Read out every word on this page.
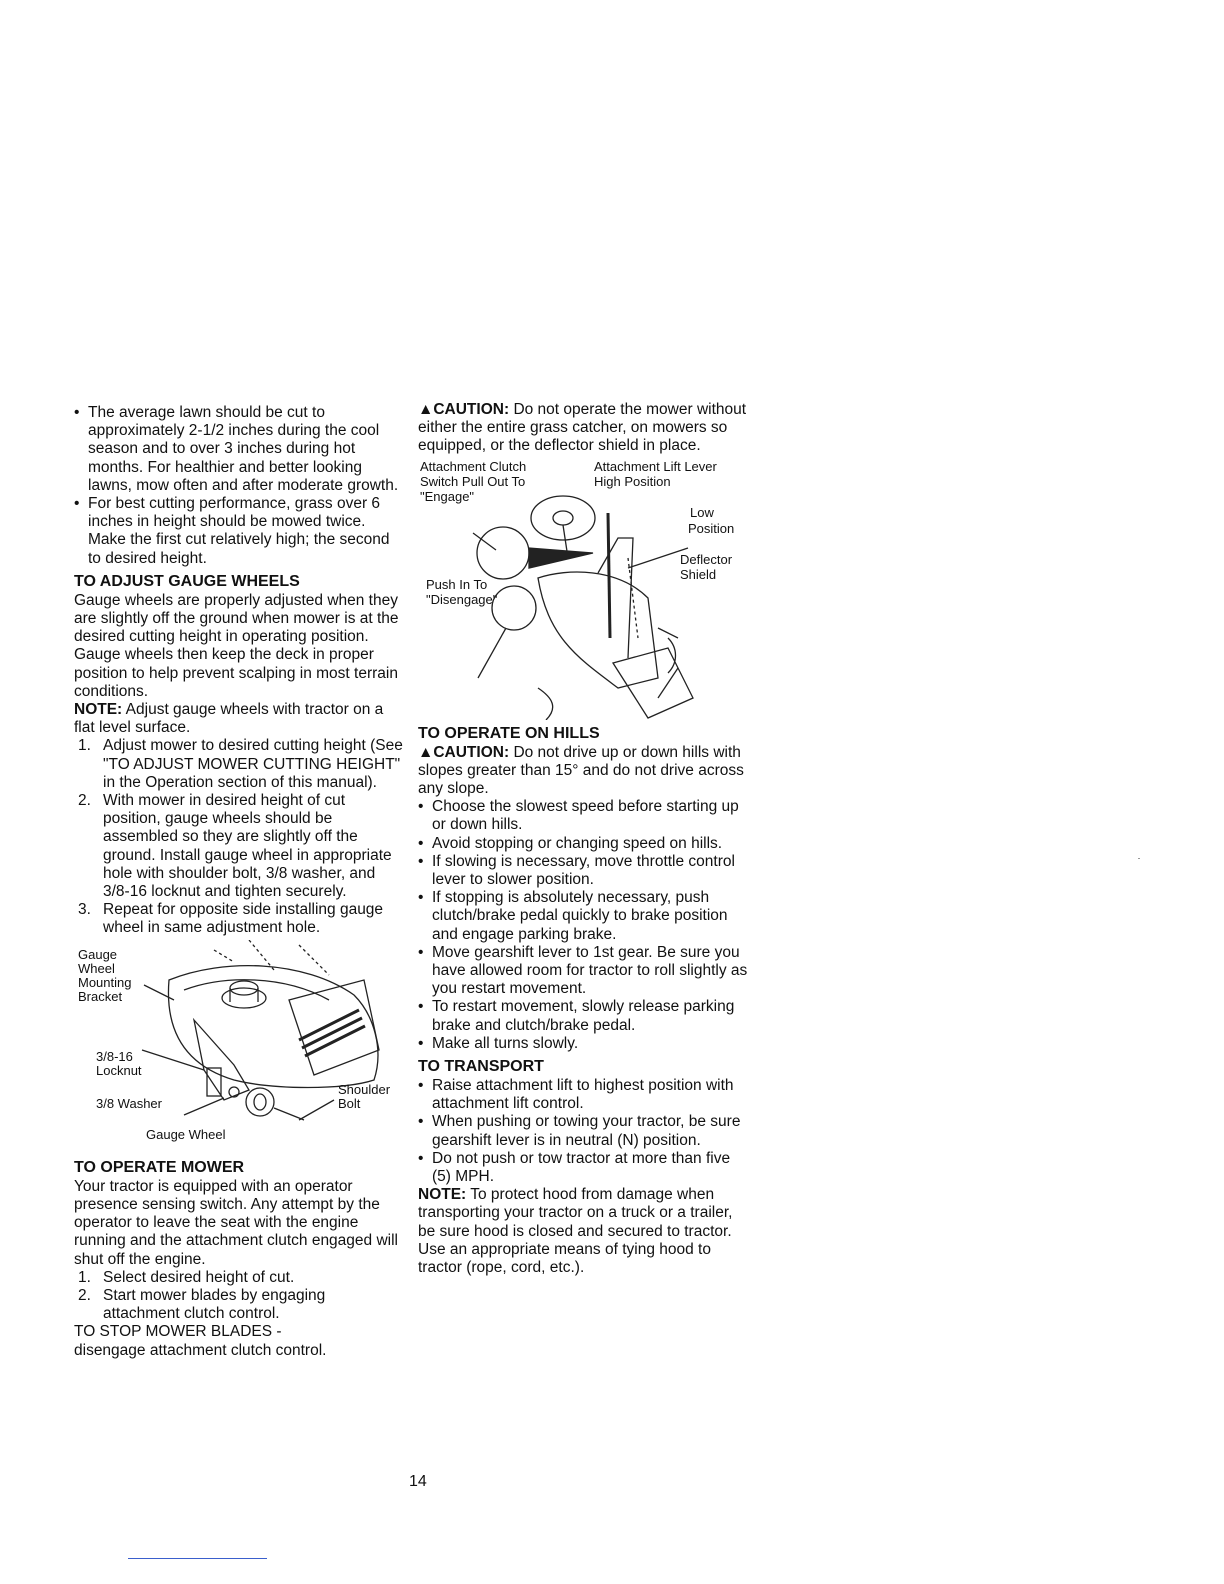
• The average lawn should be cut to approximately 2-1/2 inches during the cool season and to over 3 inches during hot months. For healthier and better looking lawns, mow often and after moderate growth.
• For best cutting performance, grass over 6 inches in height should be mowed twice. Make the first cut relatively high; the second to desired height.
TO ADJUST GAUGE WHEELS

Gauge wheels are properly adjusted when they are slightly off the ground when mower is at the desired cutting height in operating position. Gauge wheels then keep the deck in proper position to help prevent scalping in most terrain conditions.

NOTE: Adjust gauge wheels with tractor on a flat level surface.

1. Adjust mower to desired cutting height (See "TO ADJUST MOWER CUTTING HEIGHT" in the Operation section of this manual).
2. With mower in desired height of cut position, gauge wheels should be assembled so they are slightly off the ground. Install gauge wheel in appropriate hole with shoulder bolt, 3/8 washer, and 3/8-16 locknut and tighten securely.
3. Repeat for opposite side installing gauge wheel in same adjustment hole.
Gauge
Wheel
Mounting
Bracket
3/8-16
Locknut
3/8 Washer
Shoulder
Bolt
Gauge Wheel
TO OPERATE MOWER

Your tractor is equipped with an operator presence sensing switch. Any attempt by the operator to leave the seat with the engine running and the attachment clutch engaged will shut off the engine.

1. Select desired height of cut.
2. Start mower blades by engaging attachment clutch control.

TO STOP MOWER BLADES -

disengage attachment clutch control.

▲CAUTION: Do not operate the mower without either the entire grass catcher, on mowers so equipped, or the deflector shield in place.

Attachment Clutch
Switch Pull Out To
"Engage"
Attachment Lift Lever
High Position
Low
Position
Deflector
Shield
Push In To
"Disengage"
TO OPERATE ON HILLS

▲CAUTION: Do not drive up or down hills with slopes greater than 15° and do not drive across any slope.

• Choose the slowest speed before starting up or down hills.
• Avoid stopping or changing speed on hills.
• If slowing is necessary, move throttle control lever to slower position.
• If stopping is absolutely necessary, push clutch/brake pedal quickly to brake position and engage parking brake.
• Move gearshift lever to 1st gear. Be sure you have allowed room for tractor to roll slightly as you restart movement.
• To restart movement, slowly release parking brake and clutch/brake pedal.
• Make all turns slowly.
TO TRANSPORT
• Raise attachment lift to highest position with attachment lift control.
• When pushing or towing your tractor, be sure gearshift lever is in neutral (N) position.
• Do not push or tow tractor at more than five (5) MPH.

NOTE: To protect hood from damage when transporting your tractor on a truck or a trailer, be sure hood is closed and secured to tractor. Use an appropriate means of tying hood to tractor (rope, cord, etc.).

14
